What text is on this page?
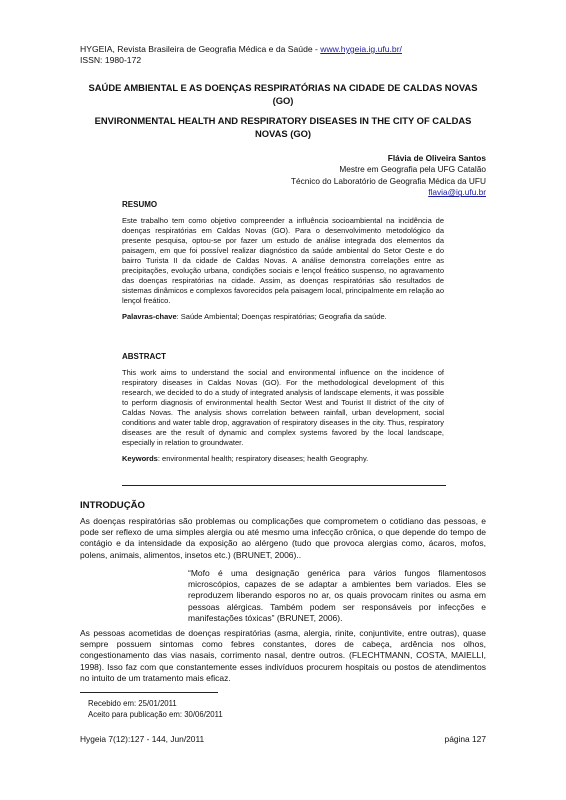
HYGEIA, Revista Brasileira de Geografia Médica e da Saúde - www.hygeia.ig.ufu.br/
ISSN: 1980-172
SAÚDE AMBIENTAL E AS DOENÇAS RESPIRATÓRIAS NA CIDADE DE CALDAS NOVAS (GO)
ENVIRONMENTAL HEALTH AND RESPIRATORY DISEASES IN THE CITY OF CALDAS NOVAS (GO)
Flávia de Oliveira Santos
Mestre em Geografia pela UFG Catalão
Técnico do Laboratório de Geografia Médica da UFU
flavia@ig.ufu.br
RESUMO
Este trabalho tem como objetivo compreender a influência socioambiental na incidência de doenças respiratórias em Caldas Novas (GO). Para o desenvolvimento metodológico da presente pesquisa, optou-se por fazer um estudo de análise integrada dos elementos da paisagem, em que foi possível realizar diagnóstico da saúde ambiental do Setor Oeste e do bairro Turista II da cidade de Caldas Novas. A análise demonstra correlações entre as precipitações, evolução urbana, condições sociais e lençol freático suspenso, no agravamento das doenças respiratórias na cidade. Assim, as doenças respiratórias são resultados de sistemas dinâmicos e complexos favorecidos pela paisagem local, principalmente em relação ao lençol freático.
Palavras-chave: Saúde Ambiental; Doenças respiratórias; Geografia da saúde.
ABSTRACT
This work aims to understand the social and environmental influence on the incidence of respiratory diseases in Caldas Novas (GO). For the methodological development of this research, we decided to do a study of integrated analysis of landscape elements, it was possible to perform diagnosis of environmental health Sector West and Tourist II district of the city of Caldas Novas. The analysis shows correlation between rainfall, urban development, social conditions and water table drop, aggravation of respiratory diseases in the city. Thus, respiratory diseases are the result of dynamic and complex systems favored by the local landscape, especially in relation to groundwater.
Keywords: environmental health; respiratory diseases; health Geography.
INTRODUÇÃO
As doenças respiratórias são problemas ou complicações que comprometem o cotidiano das pessoas, e pode ser reflexo de uma simples alergia ou até mesmo uma infecção crônica, o que depende do tempo de contágio e da intensidade da exposição ao alérgeno (tudo que provoca alergias como, ácaros, mofos, polens, animais, alimentos, insetos etc.) (BRUNET, 2006)..
“Mofo é uma designação genérica para vários fungos filamentosos microscópios, capazes de se adaptar a ambientes bem variados. Eles se reproduzem liberando esporos no ar, os quais provocam rinites ou asma em pessoas alérgicas. Também podem ser responsáveis por infecções e manifestações tóxicas” (BRUNET, 2006).
As pessoas acometidas de doenças respiratórias (asma, alergia, rinite, conjuntivite, entre outras), quase sempre possuem sintomas como febres constantes, dores de cabeça, ardência nos olhos, congestionamento das vias nasais, corrimento nasal, dentre outros. (FLECHTMANN, COSTA, MAIELLI, 1998). Isso faz com que constantemente esses indivíduos procurem hospitais ou postos de atendimentos no intuito de um tratamento mais eficaz.
Recebido em: 25/01/2011
Aceito para publicação em: 30/06/2011
Hygeia 7(12):127 - 144, Jun/2011	página 127
